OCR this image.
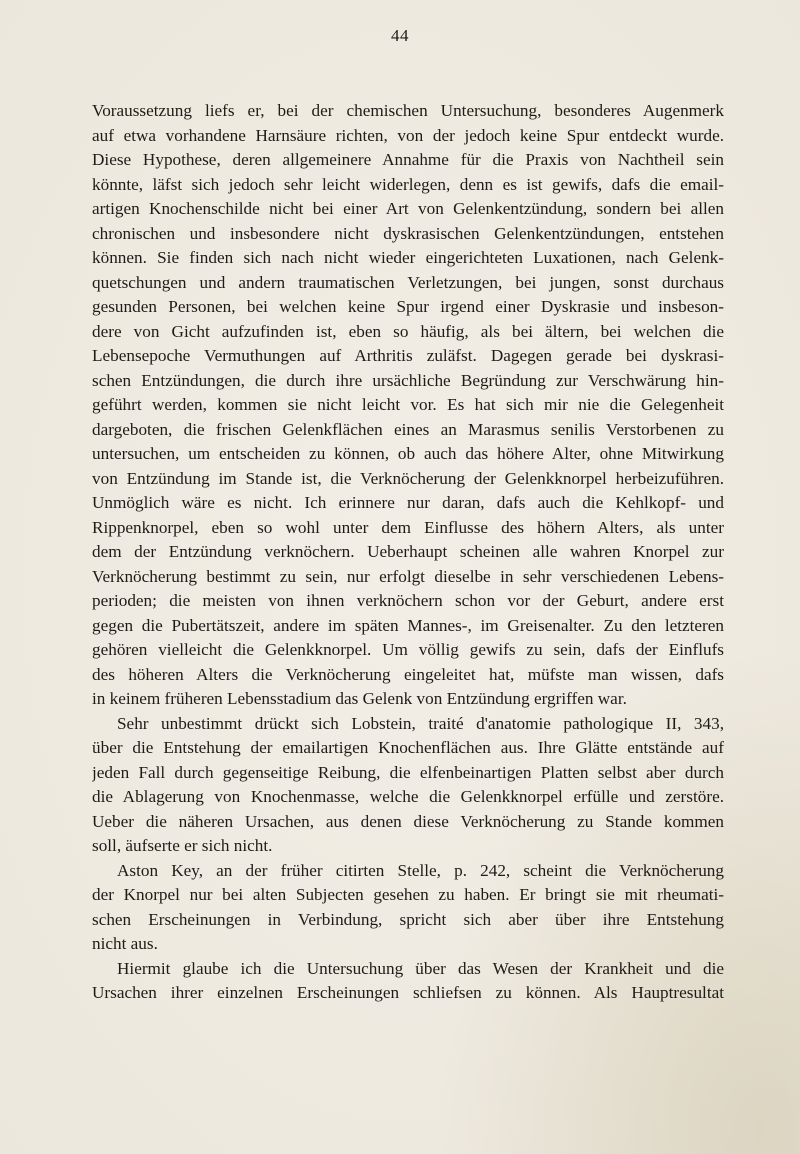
44
Voraussetzung liefs er, bei der chemischen Untersuchung, besonderes Augenmerk
auf etwa vorhandene Harnsäure richten, von der jedoch keine Spur entdeckt wurde.
Diese Hypothese, deren allgemeinere Annahme für die Praxis von Nachtheil sein
könnte, läfst sich jedoch sehr leicht widerlegen, denn es ist gewifs, dafs die email-
artigen Knochenschilde nicht bei einer Art von Gelenkentzündung, sondern bei allen
chronischen und insbesondere nicht dyskrasischen Gelenkentzündungen, entstehen
können. Sie finden sich nach nicht wieder eingerichteten Luxationen, nach Gelenk-
quetschungen und andern traumatischen Verletzungen, bei jungen, sonst durchaus
gesunden Personen, bei welchen keine Spur irgend einer Dyskrasie und insbeson-
dere von Gicht aufzufinden ist, eben so häufig, als bei ältern, bei welchen die
Lebensepoche Vermuthungen auf Arthritis zuläfst. Dagegen gerade bei dyskrasi-
schen Entzündungen, die durch ihre ursächliche Begründung zur Verschwärung hin-
geführt werden, kommen sie nicht leicht vor. Es hat sich mir nie die Gelegenheit
dargeboten, die frischen Gelenkflächen eines an Marasmus senilis Verstorbenen zu
untersuchen, um entscheiden zu können, ob auch das höhere Alter, ohne Mitwirkung
von Entzündung im Stande ist, die Verknöcherung der Gelenkknorpel herbeizuführen.
Unmöglich wäre es nicht. Ich erinnere nur daran, dafs auch die Kehlkopf- und
Rippenknorpel, eben so wohl unter dem Einflusse des höhern Alters, als unter
dem der Entzündung verknöchern. Ueberhaupt scheinen alle wahren Knorpel zur
Verknöcherung bestimmt zu sein, nur erfolgt dieselbe in sehr verschiedenen Lebens-
perioden; die meisten von ihnen verknöchern schon vor der Geburt, andere erst
gegen die Pubertätszeit, andere im späten Mannes-, im Greisenalter. Zu den letzteren
gehören vielleicht die Gelenkknorpel. Um völlig gewifs zu sein, dafs der Einflufs
des höheren Alters die Verknöcherung eingeleitet hat, müfste man wissen, dafs
in keinem früheren Lebensstadium das Gelenk von Entzündung ergriffen war.
Sehr unbestimmt drückt sich Lobstein, traité d'anatomie pathologique II, 343,
über die Entstehung der emailartigen Knochenflächen aus. Ihre Glätte entstände auf
jeden Fall durch gegenseitige Reibung, die elfenbeinartigen Platten selbst aber durch
die Ablagerung von Knochenmasse, welche die Gelenkknorpel erfülle und zerstöre.
Ueber die näheren Ursachen, aus denen diese Verknöcherung zu Stande kommen
soll, äufserte er sich nicht.
Aston Key, an der früher citirten Stelle, p. 242, scheint die Verknöcherung
der Knorpel nur bei alten Subjecten gesehen zu haben. Er bringt sie mit rheumati-
schen Erscheinungen in Verbindung, spricht sich aber über ihre Entstehung
nicht aus.
Hiermit glaube ich die Untersuchung über das Wesen der Krankheit und die
Ursachen ihrer einzelnen Erscheinungen schliefsen zu können. Als Hauptresultat
